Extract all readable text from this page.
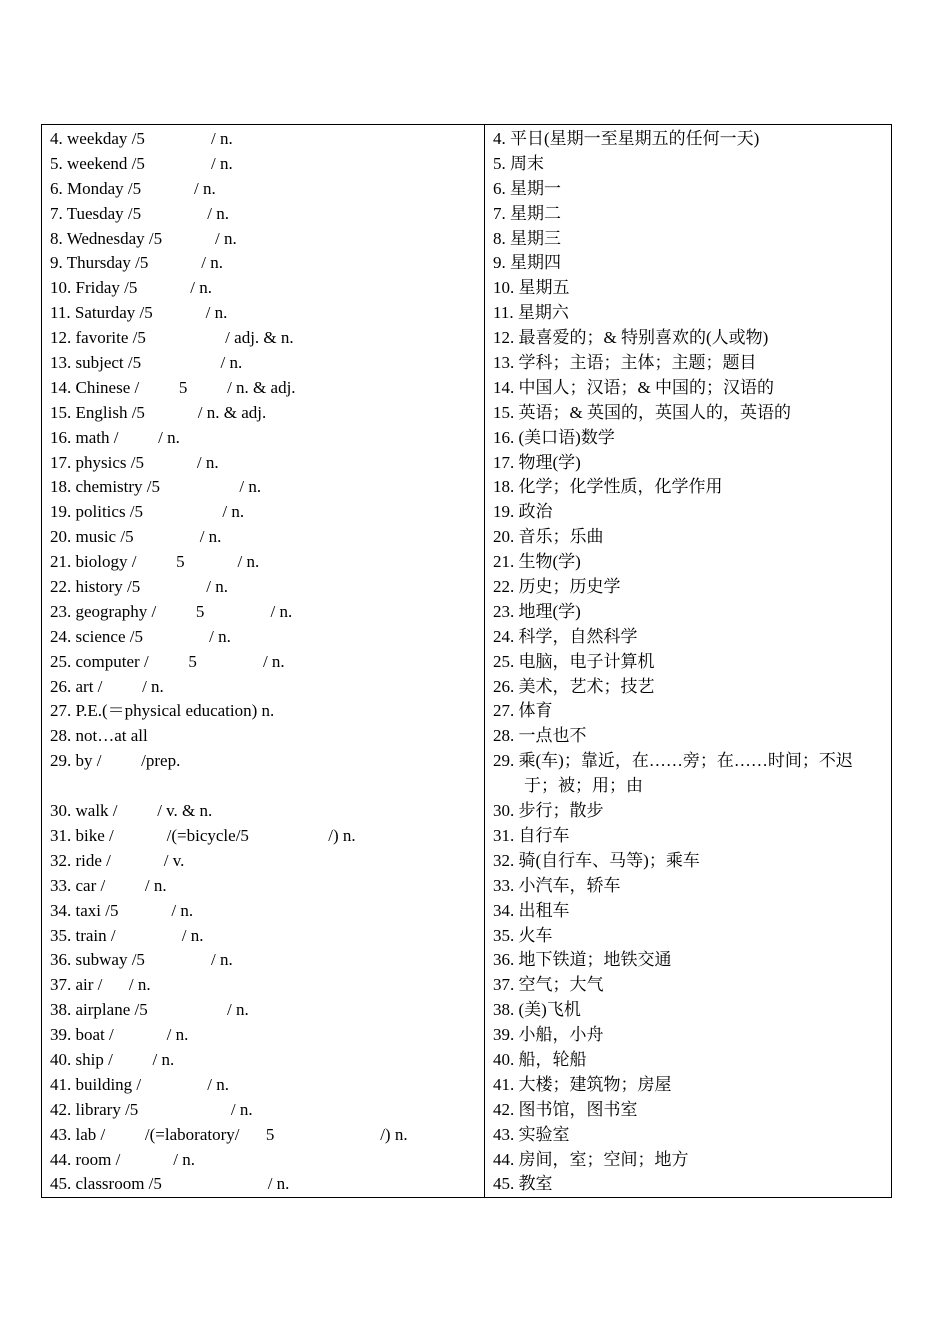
4. weekday /5     / n.
5. weekend /5     / n.
6. Monday /5    / n.
7. Tuesday /5     / n.
8. Wednesday /5    / n.
9. Thursday /5    / n.
10. Friday /5    / n.
11. Saturday /5    / n.
12. favorite /5      / adj. & n.
13. subject /5      / n.
14. Chinese /   5   / n. & adj.
15. English /5    / n. & adj.
16. math /   / n.
17. physics /5    / n.
18. chemistry /5      / n.
19. politics /5      / n.
20. music /5     / n.
21. biology /   5    / n.
22. history /5     / n.
23. geography /   5     / n.
24. science /5     / n.
25. computer /   5     / n.
26. art /   / n.
27. P.E.(＝physical education) n.
28. not…at all
29. by /   /prep.
30. walk /   / v. & n.
31. bike /    /(=bicycle/5      /) n.
32. ride /    / v.
33. car /   / n.
34. taxi /5    / n.
35. train /     / n.
36. subway /5     / n.
37. air /  / n.
38. airplane /5      / n.
39. boat /    / n.
40. ship /   / n.
41. building /     / n.
42. library /5       / n.
43. lab /   /(=laboratory/  5        /) n.
44. room /    / n.
45. classroom /5        / n.
4. 平日(星期一至星期五的任何一天)
5. 周末
6. 星期一
7. 星期二
8. 星期三
9. 星期四
10. 星期五
11. 星期六
12. 最喜爱的；& 特别喜欢的(人或物)
13. 学科；主语；主体；主题；题目
14. 中国人；汉语；& 中国的；汉语的
15. 英语；& 英国的，英国人的，英语的
16. (美口语)数学
17. 物理(学)
18. 化学；化学性质，化学作用
19. 政治
20. 音乐；乐曲
21. 生物(学)
22. 历史；历史学
23. 地理(学)
24. 科学，自然科学
25. 电脑，电子计算机
26. 美术，艺术；技艺
27. 体育
28. 一点也不
29. 乘(车)；靠近，在……旁；在……时间；不迟于；被；用；由
30. 步行；散步
31. 自行车
32. 骑(自行车、马等)；乘车
33. 小汽车，轿车
34. 出租车
35. 火车
36. 地下铁道；地铁交通
37. 空气；大气
38. (美)飞机
39. 小船，小舟
40. 船，轮船
41. 大楼；建筑物；房屋
42. 图书馆，图书室
43. 实验室
44. 房间，室；空间；地方
45. 教室
